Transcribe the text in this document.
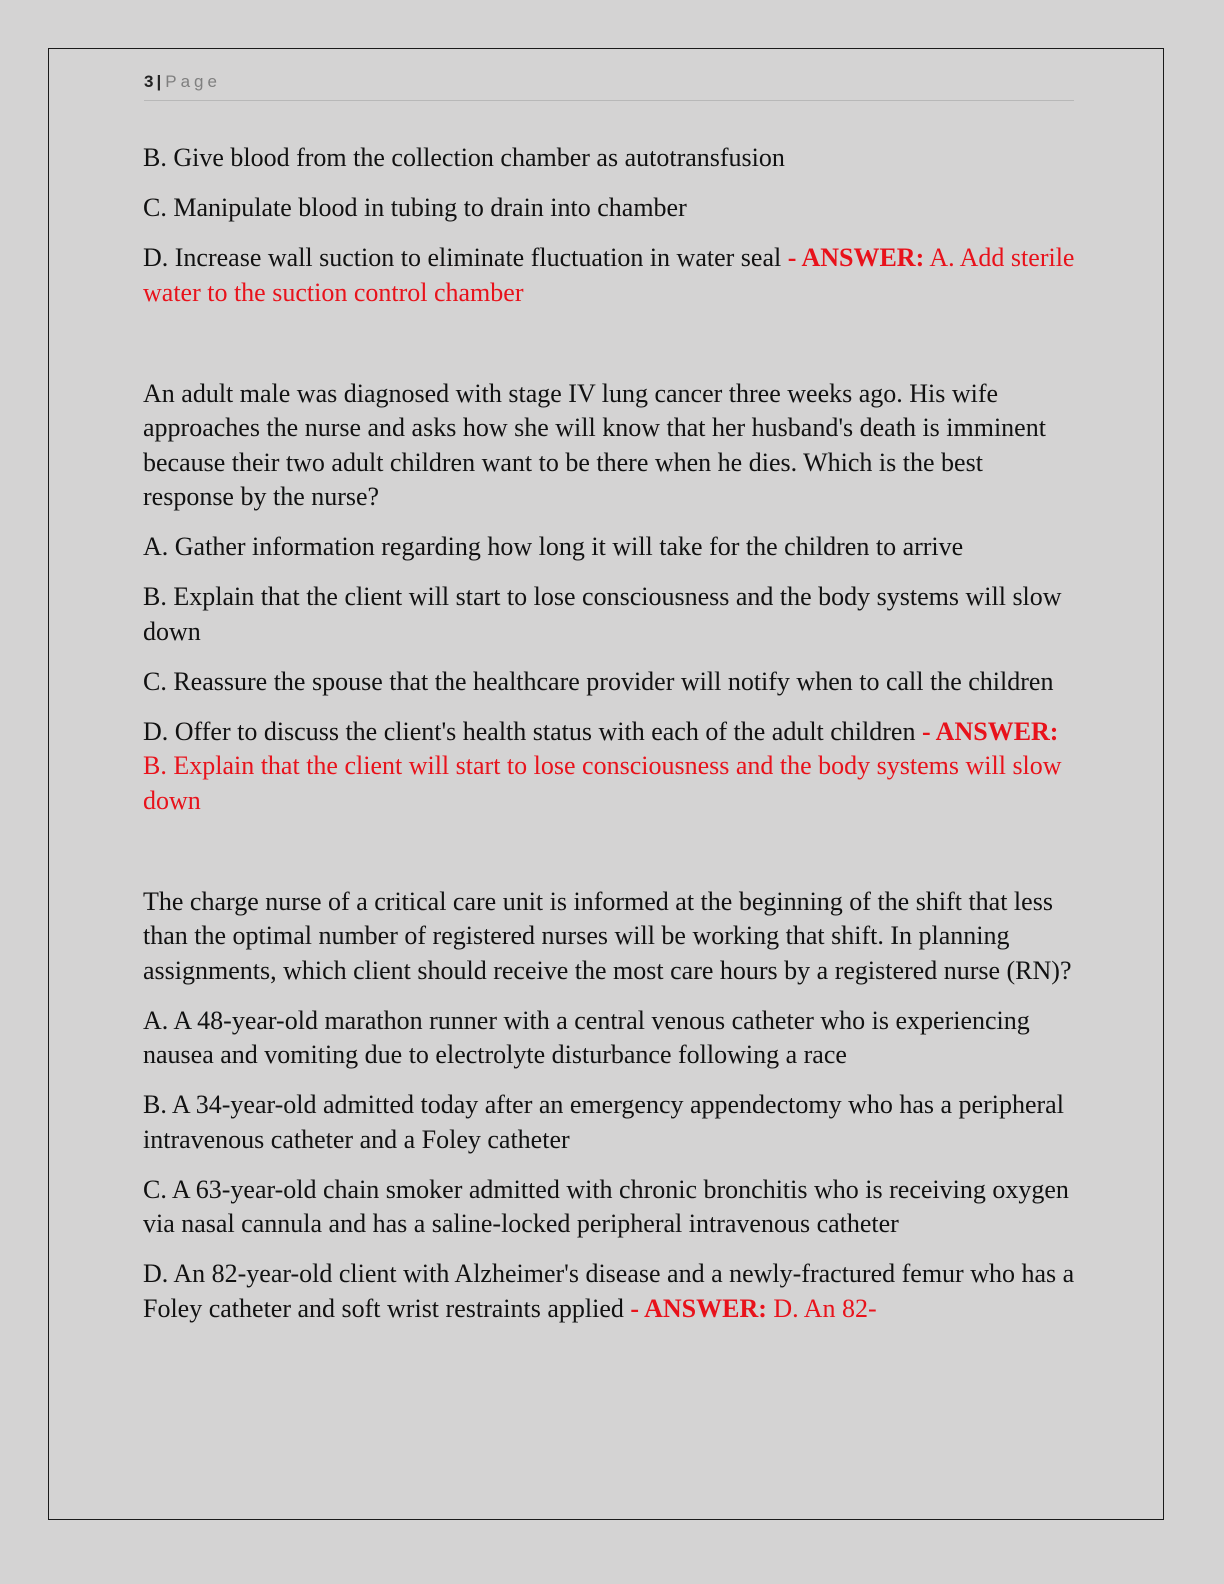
3 | Page

B. Give blood from the collection chamber as autotransfusion

C. Manipulate blood in tubing to drain into chamber

D. Increase wall suction to eliminate fluctuation in water seal - ANSWER: A. Add sterile water to the suction control chamber

An adult male was diagnosed with stage IV lung cancer three weeks ago. His wife approaches the nurse and asks how she will know that her husband's death is imminent because their two adult children want to be there when he dies. Which is the best response by the nurse?

A. Gather information regarding how long it will take for the children to arrive

B. Explain that the client will start to lose consciousness and the body systems will slow down

C. Reassure the spouse that the healthcare provider will notify when to call the children

D. Offer to discuss the client's health status with each of the adult children - ANSWER: B. Explain that the client will start to lose consciousness and the body systems will slow down

The charge nurse of a critical care unit is informed at the beginning of the shift that less than the optimal number of registered nurses will be working that shift. In planning assignments, which client should receive the most care hours by a registered nurse (RN)?

A. A 48-year-old marathon runner with a central venous catheter who is experiencing nausea and vomiting due to electrolyte disturbance following a race

B. A 34-year-old admitted today after an emergency appendectomy who has a peripheral intravenous catheter and a Foley catheter

C. A 63-year-old chain smoker admitted with chronic bronchitis who is receiving oxygen via nasal cannula and has a saline-locked peripheral intravenous catheter

D. An 82-year-old client with Alzheimer's disease and a newly-fractured femur who has a Foley catheter and soft wrist restraints applied - ANSWER: D. An 82-
